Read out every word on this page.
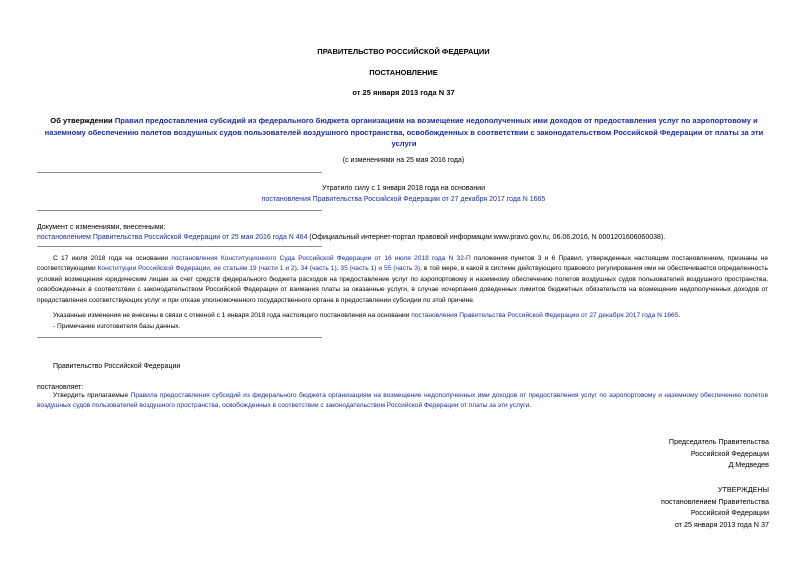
ПРАВИТЕЛЬСТВО РОССИЙСКОЙ ФЕДЕРАЦИИ
ПОСТАНОВЛЕНИЕ
от 25 января 2013 года N 37
Об утверждении Правил предоставления субсидий из федерального бюджета организациям на возмещение недополученных ими доходов от предоставления услуг по аэропортовому и наземному обеспечению полетов воздушных судов пользователей воздушного пространства, освобожденных в соответствии с законодательством Российской Федерации от платы за эти услуги
(с изменениями на 25 мая 2016 года)
Утратило силу с 1 января 2018 года на основании
постановления Правительства Российской Федерации от 27 декабря 2017 года N 1665
Документ с изменениями, внесенными:
постановлением Правительства Российской Федерации от 25 мая 2016 года N 464 (Официальный интернет-портал правовой информации www.pravo.gov.ru, 06.06.2016, N 0001201606060038).
С 17 июля 2018 года на основании постановления Конституционного Суда Российской Федерации от 16 июля 2018 года N 32-П положения пунктов 3 и 6 Правил, утвержденных настоящим постановлением, признаны не соответствующими Конституции Российской Федерации, ее статьям 19 (части 1 и 2), 34 (часть 1), 35 (часть 1) и 55 (часть 3), в той мере, в какой в системе действующего правового регулирования ими не обеспечивается определенность условий возмещения юридическим лицам за счет средств федерального бюджета расходов на предоставление услуг по аэропортовому и наземному обеспечению полетов воздушных судов пользователей воздушного пространства, освобожденных в соответствии с законодательством Российской Федерации от взимания платы за оказанные услуги, в случае исчерпания доведенных лимитов бюджетных обязательств на возмещение недополученных доходов от предоставления соответствующих услуг и при отказе уполномоченного государственного органа в предоставлении субсидии по этой причине.
Указанные изменения не внесены в связи с отменой с 1 января 2018 года настоящего постановления на основании постановления Правительства Российской Федерации от 27 декабря 2017 года N 1665.
- Примечание изготовителя базы данных.
Правительство Российской Федерации
постановляет:
Утвердить прилагаемые Правила предоставления субсидий из федерального бюджета организациям на возмещение недополученных ими доходов от предоставления услуг по аэропортовому и наземному обеспечению полетов воздушных судов пользователей воздушного пространства, освобожденных в соответствии с законодательством Российской Федерации от платы за эти услуги.
Председатель Правительства
Российской Федерации
Д.Медведев
УТВЕРЖДЕНЫ
постановлением Правительства
Российской Федерации
от 25 января 2013 года N 37
